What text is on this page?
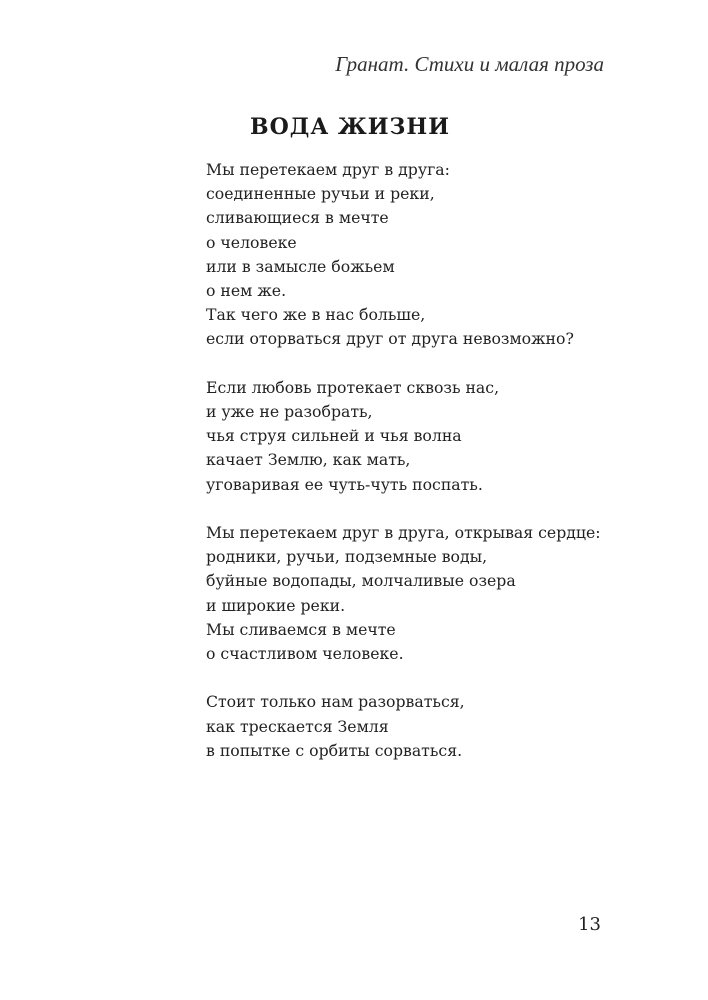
Гранат. Стихи и малая проза
ВОДА ЖИЗНИ
Мы перетекаем друг в друга:
соединенные ручьи и реки,
сливающиеся в мечте
о человеке
или в замысле божьем
о нем же.
Так чего же в нас больше,
если оторваться друг от друга невозможно?
Если любовь протекает сквозь нас,
и уже не разобрать,
чья струя сильней и чья волна
качает Землю, как мать,
уговаривая ее чуть-чуть поспать.
Мы перетекаем друг в друга, открывая сердце:
родники, ручьи, подземные воды,
буйные водопады, молчаливые озера
и широкие реки.
Мы сливаемся в мечте
о счастливом человеке.
Стоит только нам разорваться,
как трескается Земля
в попытке с орбиты сорваться.
13
